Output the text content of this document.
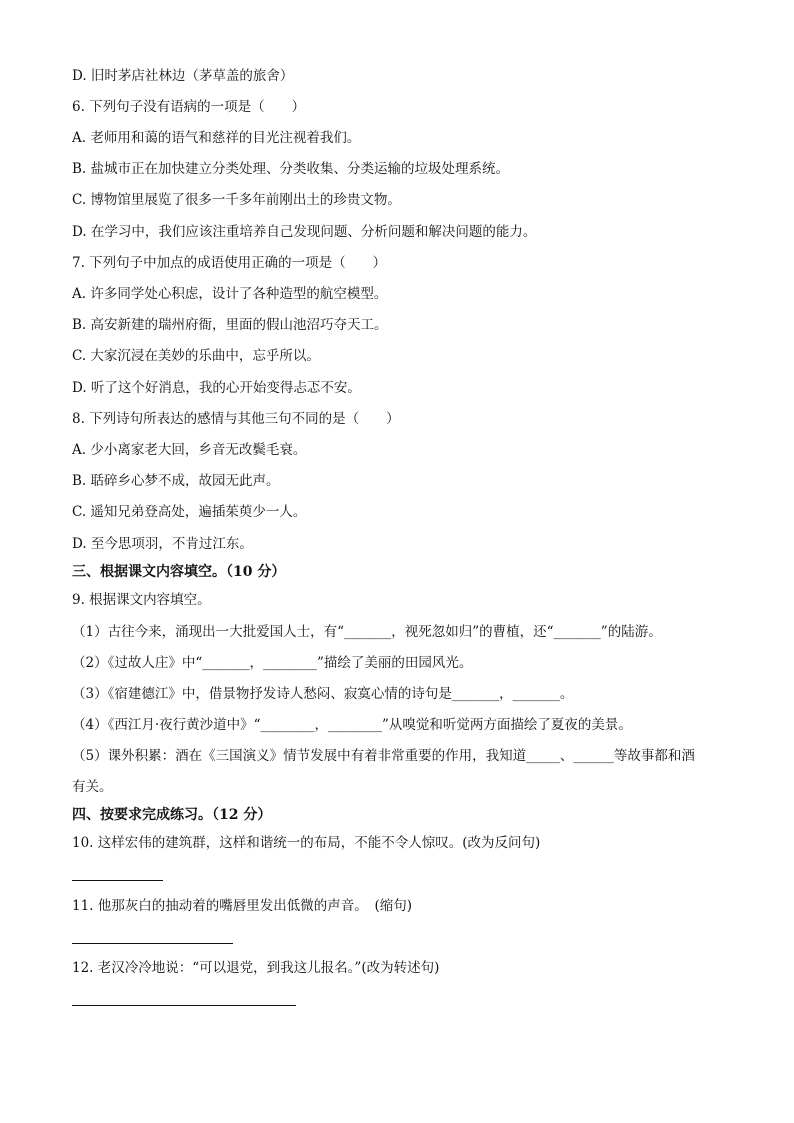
D. 旧时茅店社林边（茅草盖的旅舍）
6. 下列句子没有语病的一项是（　　）
A. 老师用和蔼的语气和慈祥的目光注视着我们。
B. 盐城市正在加快建立分类处理、分类收集、分类运输的垃圾处理系统。
C. 博物馆里展览了很多一千多年前刚出土的珍贵文物。
D. 在学习中，我们应该注重培养自己发现问题、分析问题和解决问题的能力。
7. 下列句子中加点的成语使用正确的一项是（　　）
A. 许多同学处心积虑，设计了各种造型的航空模型。
B. 高安新建的瑞州府衙，里面的假山池沼巧夺天工。
C. 大家沉浸在美妙的乐曲中，忘乎所以。
D. 听了这个好消息，我的心开始变得忐忑不安。
8. 下列诗句所表达的感情与其他三句不同的是（　　）
A. 少小离家老大回，乡音无改鬓毛衰。
B. 聒碎乡心梦不成，故园无此声。
C. 遥知兄弟登高处，遍插茱萸少一人。
D. 至今思项羽，不肯过江东。
三、根据课文内容填空。（10 分）
9. 根据课文内容填空。
（1）古往今来，涌现出一大批爱国人士，有“_______，视死忽如归”的曹植，还“_______”的陆游。
（2）《过故人庄》中“_______，________”描绘了美丽的田园风光。
（3）《宿建德江》中，借景物抒发诗人愁闷、寂寞心情的诗句是_______，_______。
（4）《西江月·夜行黄沙道中》“________，________”从嗅觉和听觉两方面描绘了夏夜的美景。
（5）课外积累：酒在《三国演义》情节发展中有着非常重要的作用，我知道_____、______等故事都和酒
有关。
四、按要求完成练习。（12 分）
10. 这样宏伟的建筑群，这样和谐统一的布局，不能不令人惊叹。(改为反问句)
11. 他那灰白的抽动着的嘴唇里发出低微的声音。　(缩句)
12. 老汉冷冷地说：“可以退党，到我这儿报名。”(改为转述句)
